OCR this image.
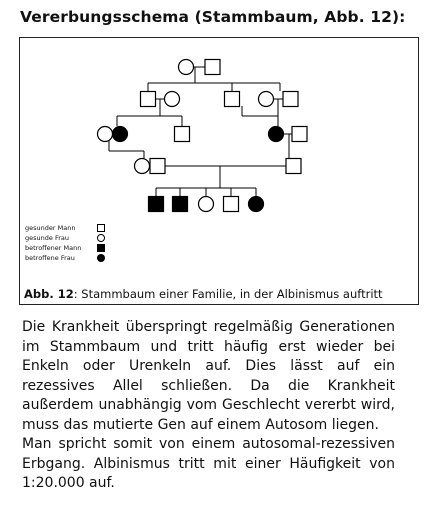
Vererbungsschema (Stammbaum, Abb. 12):
gesunder Mann
gesunde Frau
betroffener Mann
betroffene Frau
Abb. 12: Stammbaum einer Familie, in der Albinismus auftritt

Die Krankheit überspringt regelmäßig Generationen im Stammbaum und tritt häufig erst wieder bei Enkeln oder Urenkeln auf. Dies lässt auf ein rezessives Allel schließen. Da die Krankheit außerdem unabhängig vom Geschlecht vererbt wird, muss das mutierte Gen auf einem Autosom liegen.

Man spricht somit von einem autosomal-rezessiven Erbgang. Albinismus tritt mit einer Häufigkeit von 1:20.000 auf.
